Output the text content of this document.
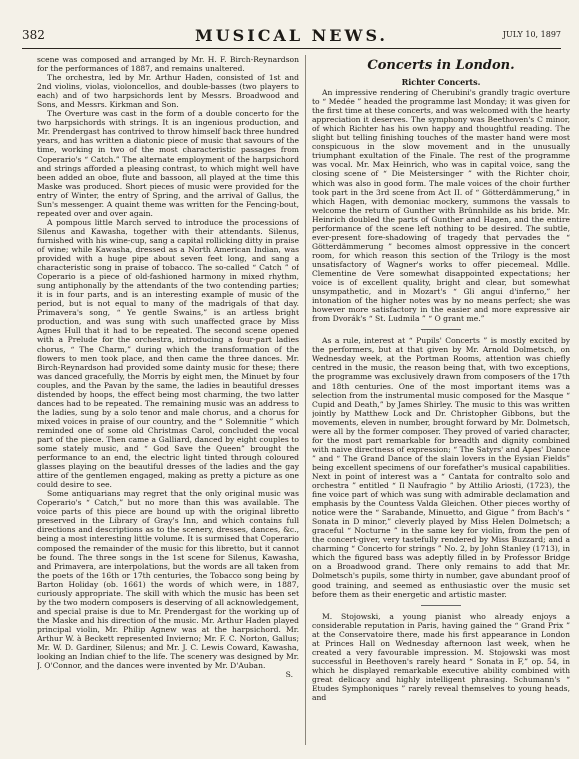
382	MUSICAL NEWS.	JULY 10, 1897

scene was composed and arranged by Mr. H. F. Birch-Reynardson for the performances of 1887, and remains unaltered.

The orchestra, led by Mr. Arthur Haden, consisted of 1st and 2nd violins, violas, violoncellos, and double-basses (two players to each) and of two harpsichords lent by Messrs. Broadwood and Sons, and Messrs. Kirkman and Son.

The Overture was cast in the form of a double concerto for the two harpsichords with strings. It is an ingenious production, and Mr. Prendergast has contrived to throw himself back three hundred years, and has written a diatonic piece of music that savours of the time, working in two of the most characteristic passages from Coperario's “ Catch.” The alternate employment of the harpsichord and strings afforded a pleasing contrast, to which might well have been added an oboe, flute and bassoon, all played at the time this Maske was produced. Short pieces of music were provided for the entry of Winter, the entry of Spring, and the arrival of Gallus, the Sun's messenger. A quaint theme was written for the Fencing-bout, repeated over and over again.

A pompous little March served to introduce the processions of Silenus and Kawasha, together with their attendants. Silenus, furnished with his wine-cup, sang a capital rollicking ditty in praise of wine; while Kawasha, dressed as a North American Indian, was provided with a huge pipe about seven feet long, and sang a characteristic song in praise of tobacco. The so-called “ Catch ” of Coperario is a piece of old-fashioned harmony in mixed rhythm, sung antiphonally by the attendants of the two contending parties; it is in four parts, and is an interesting example of music of the period, but is not equal to many of the madrigals of that day. Primavera's song, “ Ye gentle Swains,” is an artless bright production, and was sung with such unaffected grace by Miss Agnes Hull that it had to be repeated. The second scene opened with a Prelude for the orchestra, introducing a four-part ladies chorus, “ The Charm,” during which the transformation of the flowers to men took place, and then came the three dances. Mr. Birch-Reynardson had provided some dainty music for these; there was danced gracefully, the Morris by eight men, the Minuet by four couples, and the Pavan by the same, the ladies in beautiful dresses distended by hoops, the effect being most charming, the two latter dances had to be repeated. The remaining music was an address to the ladies, sung by a solo tenor and male chorus, and a chorus for mixed voices in praise of our country, and the “ Solemnitie ” which reminded one of some old Christmas Carol, concluded the vocal part of the piece. Then came a Galliard, danced by eight couples to some stately music, and “ God Save the Queen” brought the performance to an end, the electric light tinted through coloured glasses playing on the beautiful dresses of the ladies and the gay attire of the gentlemen engaged, making as pretty a picture as one could desire to see.

Some antiquarians may regret that the only original music was Coperario's “ Catch,” but no more than this was available. The voice parts of this piece are bound up with the original libretto preserved in the Library of Gray's Inn, and which contains full directions and descriptions as to the scenery, dresses, dances, &c., being a most interesting little volume. It is surmised that Coperario composed the remainder of the music for this libretto, but it cannot be found. The three songs in the 1st scene for Silenus, Kawasha, and Primavera, are interpolations, but the words are all taken from the poets of the 16th or 17th centuries, the Tobacco song being by Barton Holiday (ob. 1661) the words of which were, in 1887, curiously appropriate. The skill with which the music has been set by the two modern composers is deserving of all acknowledgement, and special praise is due to Mr. Prendergast for the working up of the Maske and his direction of the music. Mr. Arthur Haden played principal violin, Mr. Philip Agnew was at the harpsichord. Mr. Arthur W. à Beckett represented Invierno; Mr. F. C. Norton, Gallus; Mr. W. D. Gardiner, Silenus; and Mr. J. C. Lewis Coward, Kawasha, looking an Indian chief to the life. The scenery was designed by Mr. J. O'Connor, and the dances were invented by Mr. D'Auban.

S.

Concerts in London.
Richter Concerts.

An impressive rendering of Cherubini's grandly tragic overture to “ Medée ” headed the programme last Monday; it was given for the first time at these concerts, and was welcomed with the hearty appreciation it deserves. The symphony was Beethoven's C minor, of which Richter has his own happy and thoughtful reading. The slight but telling finishing touches of the master hand were most conspicuous in the slow movement and in the unusually triumphant exultation of the Finale. The rest of the programme was vocal. Mr. Max Heinrich, who was in capital voice, sang the closing scene of “ Die Meistersinger ” with the Richter choir, which was also in good form. The male voices of the choir further took part in the 3rd scene from Act II. of “ Götterdämmerung,” in which Hagen, with demoniac mockery, summons the vassals to welcome the return of Gunther with Brünnhilde as his bride. Mr. Heinrich doubled the parts of Gunther and Hagen, and the entire performance of the scene left nothing to be desired. The subtle, ever-present fore-shadowing of tragedy that pervades the “ Götterdämmerung ” becomes almost oppressive in the concert room, for which reason this section of the Trilogy is the most unsatisfactory of Wagner's works to offer piecemeal. Mdlle. Clementine de Vere somewhat disappointed expectations; her voice is of excellent quality, bright and clear, but somewhat unsympathetic, and in Mozart's “ Gli angui d'inferno,” her intonation of the higher notes was by no means perfect; she was however more satisfactory in the easier and more expressive air from Dvorák's “ St. Ludmila ” “ O grant me.”

As a rule, interest at “ Pupils' Concerts ” is mostly excited by the performers, but at that given by Mr. Arnold Dolmetsch, on Wednesday week, at the Portman Rooms, attention was chiefly centred in the music, the reason being that, with two exceptions, the programme was exclusively drawn from composers of the 17th and 18th centuries. One of the most important items was a selection from the instrumental music composed for the Masque “ Cupid and Death,” by James Shirley. The music to this was written jointly by Matthew Lock and Dr. Christopher Gibbons, but the movements, eleven in number, brought forward by Mr. Dolmetsch, were all by the former composer. They proved of varied character, for the most part remarkable for breadth and dignity combined with naive directness of expression; “ The Satyrs' and Apes' Dance ” and “ The Grand Dance of the slain lovers in the Eysian Fields” being excellent specimens of our forefather's musical capabilities. Next in point of interest was a “ Cantata for contralto solo and orchestra ” entitled “ Il Naufragio ” by Attilio Ariosti, (1723), the fine voice part of which was sung with admirable declamation and emphasis by the Countess Valda Gleichen. Other pieces worthy of notice were the “ Sarabande, Minuetto, and Gigue ” from Bach's “ Sonata in D minor,” cleverly played by Miss Helen Dolmetsch; a graceful “ Nocturne ” in the same key for violin, from the pen of the concert-giver, very tastefully rendered by Miss Buzzard; and a charming “ Concerto for strings ” No. 2, by John Stanley (1713), in which the figured bass was adeptly filled in by Professor Bridge on a Broadwood grand. There only remains to add that Mr. Dolmetsch's pupils, some thirty in number, gave abundant proof of good training, and seemed as enthusiastic over the music set before them as their energetic and artistic master.

M. Stojowski, a young pianist who already enjoys a considerable reputation in Paris, having gained the “ Grand Prix ” at the Conservatoire there, made his first appearance in London at Princes Hall on Wednesday afternoon last week, when he created a very favourable impression. M. Stojowski was most successful in Beethoven's rarely heard “ Sonata in F,” op. 54, in which he displayed remarkable executive ability combined with great delicacy and highly intelligent phrasing. Schumann's “ Etudes Symphoniques ” rarely reveal themselves to young heads, and
